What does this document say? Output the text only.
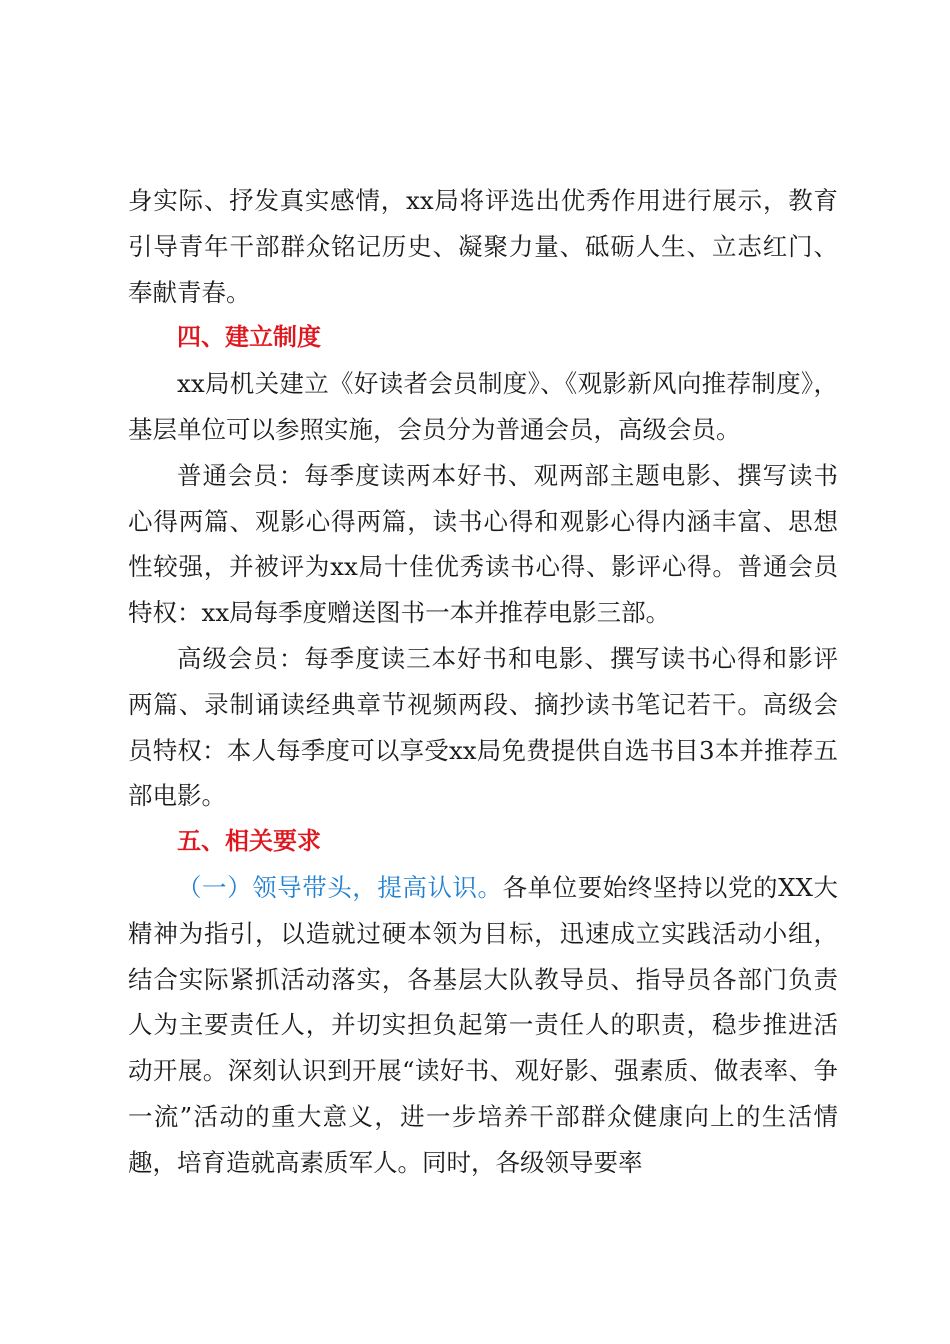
身实际、抒发真实感情，xx局将评选出优秀作用进行展示，教育引导青年干部群众铭记历史、凝聚力量、砥砺人生、立志红门、奉献青春。

四、建立制度

xx局机关建立《好读者会员制度》、《观影新风向推荐制度》，基层单位可以参照实施，会员分为普通会员，高级会员。

普通会员：每季度读两本好书、观两部主题电影、撰写读书心得两篇、观影心得两篇，读书心得和观影心得内涵丰富、思想性较强，并被评为xx局十佳优秀读书心得、影评心得。普通会员特权：xx局每季度赠送图书一本并推荐电影三部。

高级会员：每季度读三本好书和电影、撰写读书心得和影评两篇、录制诵读经典章节视频两段、摘抄读书笔记若干。高级会员特权：本人每季度可以享受xx局免费提供自选书目3本并推荐五部电影。

五、相关要求

（一）领导带头，提高认识。各单位要始终坚持以党的XX大精神为指引，以造就过硬本领为目标，迅速成立实践活动小组，结合实际紧抓活动落实，各基层大队教导员、指导员各部门负责人为主要责任人，并切实担负起第一责任人的职责，稳步推进活动开展。深刻认识到开展“读好书、观好影、强素质、做表率、争一流”活动的重大意义，进一步培养干部群众健康向上的生活情趣，培育造就高素质军人。同时，各级领导要率
